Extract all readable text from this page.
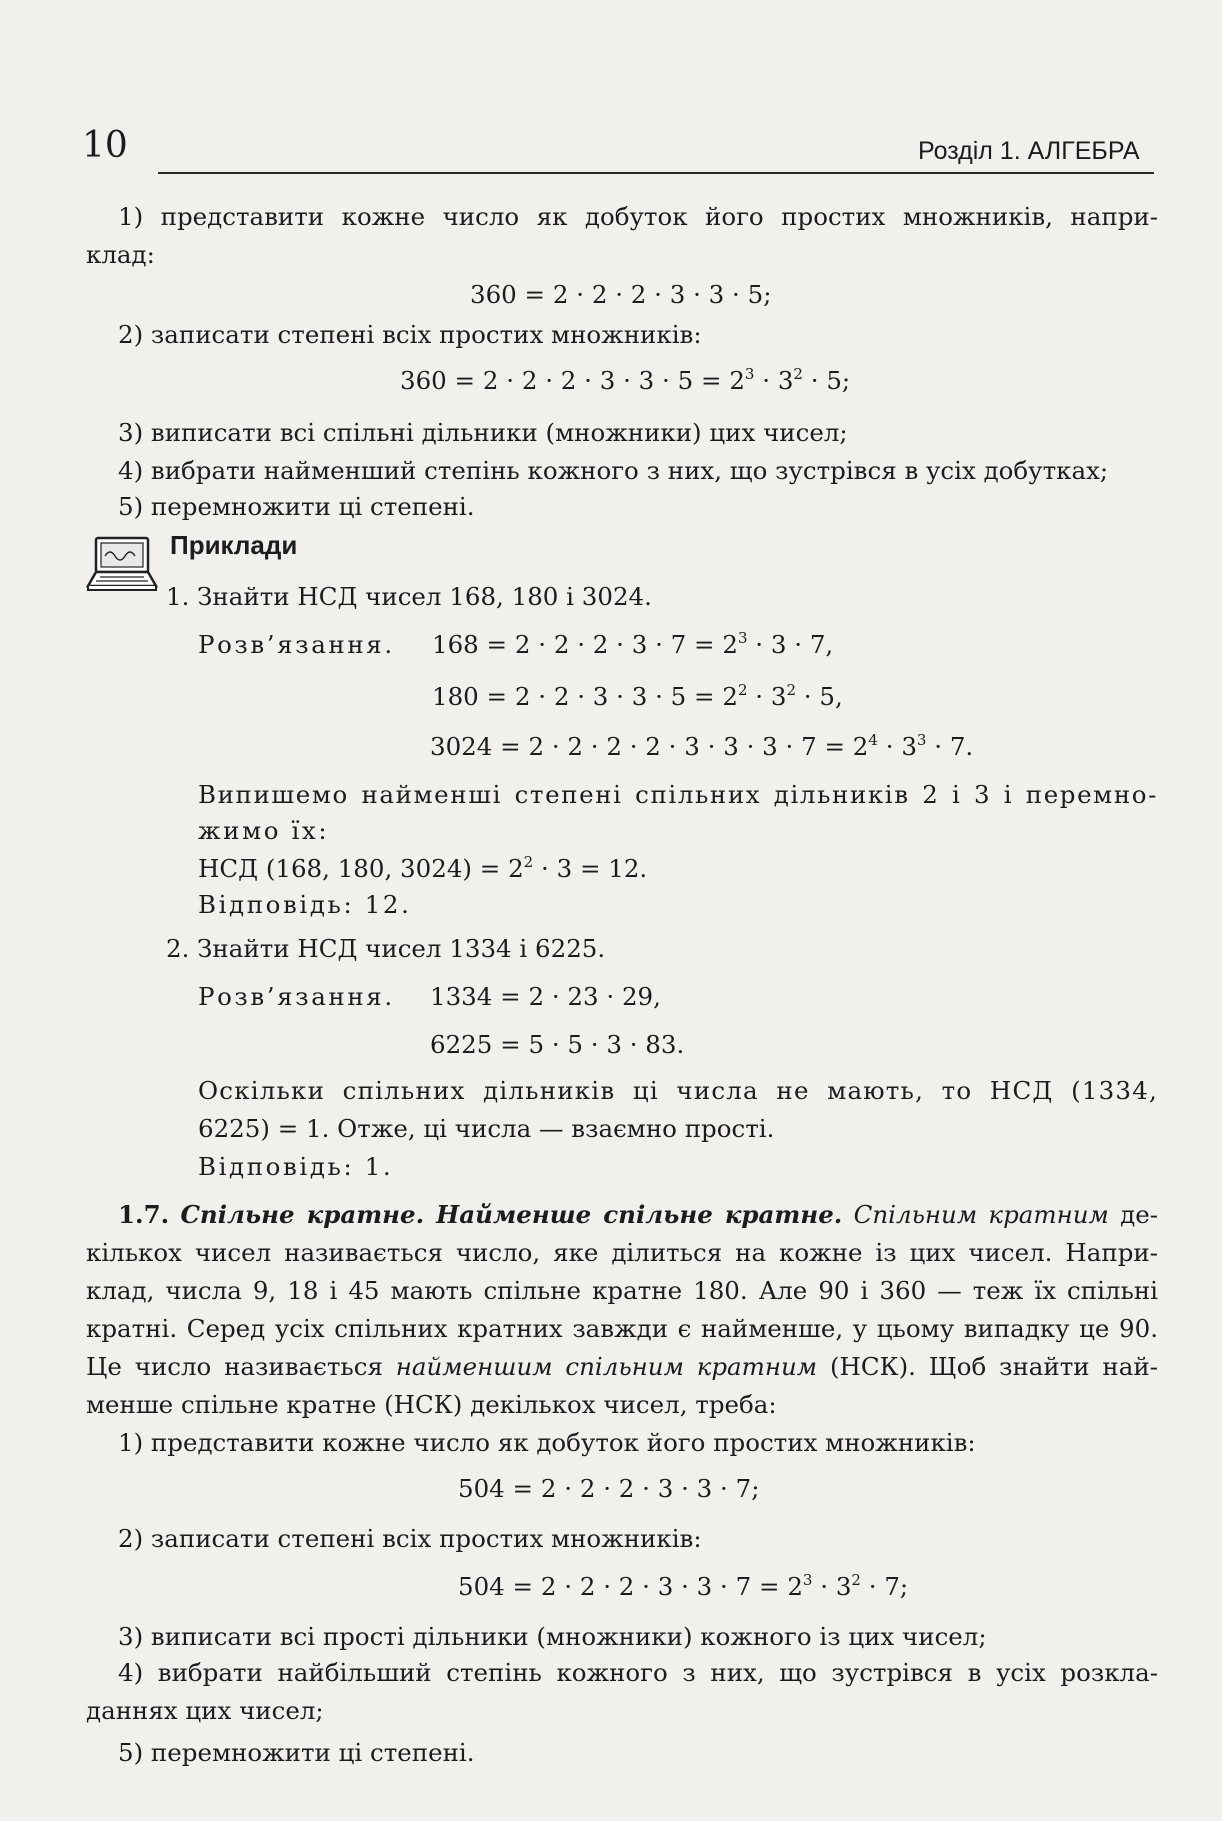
10	Розділ 1. АЛГЕБРА
1) представити кожне число як добуток його простих множників, напри-
клад:
360 = 2 · 2 · 2 · 3 · 3 · 5;
2) записати степені всіх простих множників:
$360 = 2 \cdot 2 \cdot 2 \cdot 3 \cdot 3 \cdot 5 = 2^3 \cdot 3^2 \cdot 5$;
3) виписати всі спільні дільники (множники) цих чисел;
4) вибрати найменший степінь кожного з них, що зустрівся в усіх добутках;
5) перемножити ці степені.
Приклади
1. Знайти НСД чисел 168, 180 і 3024.
Розв’язання. $168 = 2 \cdot 2 \cdot 2 \cdot 3 \cdot 7 = 2^3 \cdot 3 \cdot 7$,
$180 = 2 \cdot 2 \cdot 3 \cdot 3 \cdot 5 = 2^2 \cdot 3^2 \cdot 5$,
$3024 = 2 \cdot 2 \cdot 2 \cdot 2 \cdot 3 \cdot 3 \cdot 3 \cdot 7 = 2^4 \cdot 3^3 \cdot 7$.
Випишемо найменші степені спільних дільників 2 і 3 і перемно-
жимо їх:
НСД (168, 180, $3024) = 2^2 \cdot 3 = 12$.
Відповідь: 12.
2. Знайти НСД чисел 1334 і 6225.
Розв’язання. 1334 = 2 · 23 · 29,
6225 = 5 · 5 · 3 · 83.
Оскільки спільних дільників ці числа не мають, то НСД (1334,
6225) = 1. Отже, ці числа — взаємно прості.
Відповідь: 1.
1.7. Спільне кратне. Найменше спільне кратне. Спільним кратним де-
кількох чисел називається число, яке ділиться на кожне із цих чисел. Напри-
клад, числа 9, 18 і 45 мають спільне кратне 180. Але 90 і 360 — теж їх спільні
кратні. Серед усіх спільних кратних завжди є найменше, у цьому випадку це 90.
Це число називається найменшим спільним кратним (НСК). Щоб знайти най-
менше спільне кратне (НСК) декількох чисел, треба:
1) представити кожне число як добуток його простих множників:
504 = 2 · 2 · 2 · 3 · 3 · 7;
2) записати степені всіх простих множників:
$504 = 2 \cdot 2 \cdot 2 \cdot 3 \cdot 3 \cdot 7 = 2^3 \cdot 3^2 \cdot 7$;
3) виписати всі прості дільники (множники) кожного із цих чисел;
4) вибрати найбільший степінь кожного з них, що зустрівся в усіх розкла-
даннях цих чисел;
5) перемножити ці степені.
